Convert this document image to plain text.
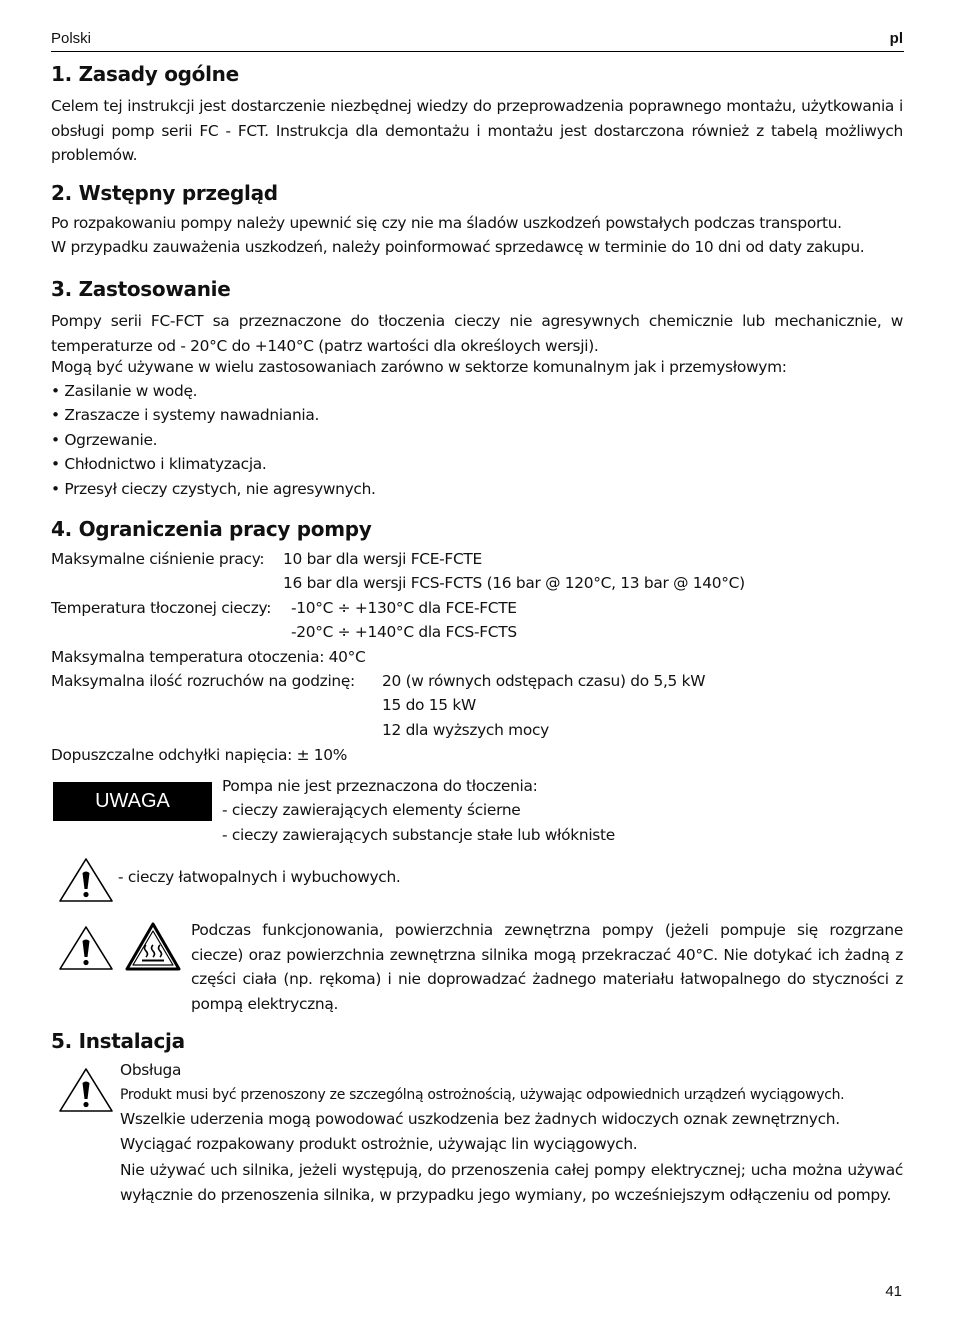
Polski	pl
1. Zasady ogólne
Celem tej instrukcji jest dostarczenie niezbędnej wiedzy do przeprowadzenia poprawnego montażu, użytkowania i obsługi pomp serii FC - FCT. Instrukcja dla demontażu i montażu jest dostarczona również z tabelą możliwych problemów.
2. Wstępny przegląd
Po rozpakowaniu pompy należy upewnić się czy nie ma śladów uszkodzeń powstałych podczas transportu.
W przypadku zauważenia uszkodzeń, należy poinformować sprzedawcę w terminie do 10 dni od daty zakupu.
3. Zastosowanie
Pompy serii FC-FCT sa przeznaczone do tłoczenia cieczy nie agresywnych chemicznie lub mechanicznie, w temperaturze od - 20°C do +140°C (patrz wartości dla określoych wersji).
Mogą być używane w wielu zastosowaniach zarówno w sektorze komunalnym jak i przemysłowym:
• Zasilanie w wodę.
• Zraszacze i systemy nawadniania.
• Ogrzewanie.
• Chłodnictwo i klimatyzacja.
• Przesył cieczy czystych, nie agresywnych.
4. Ograniczenia pracy pompy
Maksymalne ciśnienie pracy: 10 bar dla wersji FCE-FCTE
16 bar dla wersji FCS-FCTS (16 bar @ 120°C, 13 bar @ 140°C)
Temperatura tłoczonej cieczy: -10°C ÷ +130°C dla FCE-FCTE
-20°C ÷ +140°C dla FCS-FCTS
Maksymalna temperatura otoczenia: 40°C
Maksymalna ilość rozruchów na godzinę: 20 (w równych odstępach czasu) do 5,5 kW
15 do 15 kW
12 dla wyższych mocy
Dopuszczalne odchyłki napięcia: ± 10%
UWAGA
Pompa nie jest przeznaczona do tłoczenia:
- cieczy zawierających elementy ścierne
- cieczy zawierających substancje stałe lub włókniste
- cieczy łatwopalnych i wybuchowych.
Podczas funkcjonowania, powierzchnia zewnętrzna pompy (jeżeli pompuje się rozgrzane ciecze) oraz powierzchnia zewnętrzna silnika mogą przekraczać 40°C. Nie dotykać ich żadną z części ciała (np. rękoma) i nie doprowadzać żadnego materiału łatwopalnego do styczności z pompą elektryczną.
5. Instalacja
Obsługa
Produkt musi być przenoszony ze szczególną ostrożnością, używając odpowiednich urządzeń wyciągowych.
Wszelkie uderzenia mogą powodować uszkodzenia bez żadnych widoczych oznak zewnętrznych.
Wyciągać rozpakowany produkt ostrożnie, używając lin wyciągowych.
Nie używać uch silnika, jeżeli występują, do przenoszenia całej pompy elektrycznej; ucha można używać wyłącznie do przenoszenia silnika, w przypadku jego wymiany, po wcześniejszym odłączeniu od pompy.
41
